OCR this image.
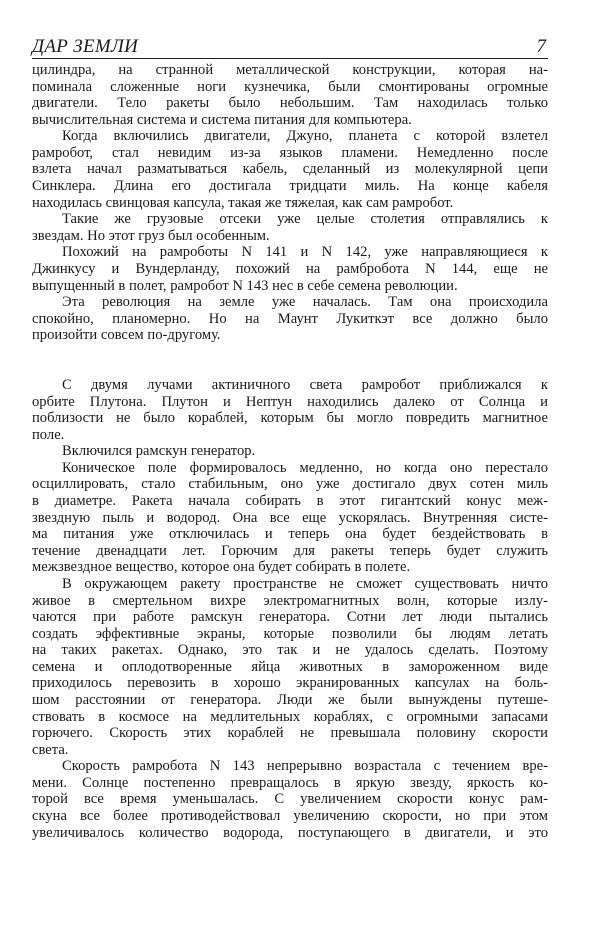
ДАР ЗЕМЛИ	7
цилиндра, на странной металлической конструкции, которая на-
поминала сложенные ноги кузнечика, были смонтированы огромные
двигатели. Тело ракеты было небольшим. Там находилась только
вычислительная система и система питания для компьютера.
Когда включились двигатели, Джуно, планета с которой взлетел
рамробот, стал невидим из-за языков пламени. Немедленно после
взлета начал разматываться кабель, сделанный из молекулярной цепи
Синклера. Длина его достигала тридцати миль. На конце кабеля
находилась свинцовая капсула, такая же тяжелая, как сам рамробот.
Такие же грузовые отсеки уже целые столетия отправлялись к
звездам. Но этот груз был особенным.
Похожий на рамроботы N 141 и N 142, уже направляющиеся к
Джинкусу и Вундерланду, похожий на рамбробота N 144, еще не
выпущенный в полет, рамробот N 143 нес в себе семена революции.
Эта революция на земле уже началась. Там она происходила
спокойно, планомерно. Но на Маунт Лукиткэт все должно было
произойти совсем по-другому.
С двумя лучами актиничного света рамробот приближался к
орбите Плутона. Плутон и Нептун находились далеко от Солнца и
поблизости не было кораблей, которым бы могло повредить магнитное
поле.
Включился рамскун генератор.
Коническое поле формировалось медленно, но когда оно перестало
осциллировать, стало стабильным, оно уже достигало двух сотен миль
в диаметре. Ракета начала собирать в этот гигантский конус меж-
звездную пыль и водород. Она все еще ускорялась. Внутренняя систе-
ма питания уже отключилась и теперь она будет бездействовать в
течение двенадцати лет. Горючим для ракеты теперь будет служить
межзвездное вещество, которое она будет собирать в полете.
В окружающем ракету пространстве не сможет существовать ничто
живое в смертельном вихре электромагнитных волн, которые излу-
чаются при работе рамскун генератора. Сотни лет люди пытались
создать эффективные экраны, которые позволили бы людям летать
на таких ракетах. Однако, это так и не удалось сделать. Поэтому
семена и оплодотворенные яйца животных в замороженном виде
приходилось перевозить в хорошо экранированных капсулах на боль-
шом расстоянии от генератора. Люди же были вынуждены путеше-
ствовать в космосе на медлительных кораблях, с огромными запасами
горючего. Скорость этих кораблей не превышала половину скорости
света.
Скорость рамробота N 143 непрерывно возрастала с течением вре-
мени. Солнце постепенно превращалось в яркую звезду, яркость ко-
торой все время уменьшалась. С увеличением скорости конус рам-
скуна все более противодействовал увеличению скорости, но при этом
увеличивалось количество водорода, поступающего в двигатели, и это
